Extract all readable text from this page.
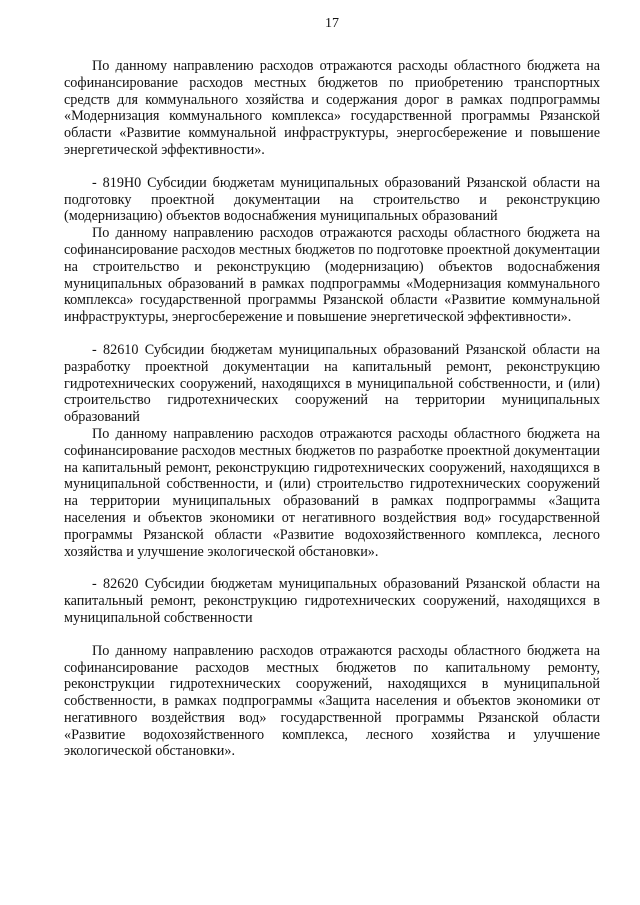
17

По данному направлению расходов отражаются расходы областного бюджета на софинансирование расходов местных бюджетов по приобретению транспортных средств для коммунального хозяйства и содержания дорог в рамках подпрограммы «Модернизация коммунального комплекса» государственной программы Рязанской области «Развитие коммунальной инфраструктуры, энергосбережение и повышение энергетической эффективности».

- 819Н0 Субсидии бюджетам муниципальных образований Рязанской области на подготовку проектной документации на строительство и реконструкцию (модернизацию) объектов водоснабжения муниципальных образований

По данному направлению расходов отражаются расходы областного бюджета на софинансирование расходов местных бюджетов по подготовке проектной документации на строительство и реконструкцию (модернизацию) объектов водоснабжения муниципальных образований в рамках подпрограммы «Модернизация коммунального комплекса» государственной программы Рязанской области «Развитие коммунальной инфраструктуры, энергосбережение и повышение энергетической эффективности».

- 82610 Субсидии бюджетам муниципальных образований Рязанской области на разработку проектной документации на капитальный ремонт, реконструкцию гидротехнических сооружений, находящихся в муниципальной собственности, и (или) строительство гидротехнических сооружений на территории муниципальных образований

По данному направлению расходов отражаются расходы областного бюджета на софинансирование расходов местных бюджетов по разработке проектной документации на капитальный ремонт, реконструкцию гидротехнических сооружений, находящихся в муниципальной собственности, и (или) строительство гидротехнических сооружений на территории муниципальных образований в рамках подпрограммы «Защита населения и объектов экономики от негативного воздействия вод» государственной программы Рязанской области «Развитие водохозяйственного комплекса, лесного хозяйства и улучшение экологической обстановки».

- 82620 Субсидии бюджетам муниципальных образований Рязанской области на капитальный ремонт, реконструкцию гидротехнических сооружений, находящихся в муниципальной собственности

По данному направлению расходов отражаются расходы областного бюджета на софинансирование расходов местных бюджетов по капитальному ремонту, реконструкции гидротехнических сооружений, находящихся в муниципальной собственности, в рамках подпрограммы «Защита населения и объектов экономики от негативного воздействия вод» государственной программы Рязанской области «Развитие водохозяйственного комплекса, лесного хозяйства и улучшение экологической обстановки».
